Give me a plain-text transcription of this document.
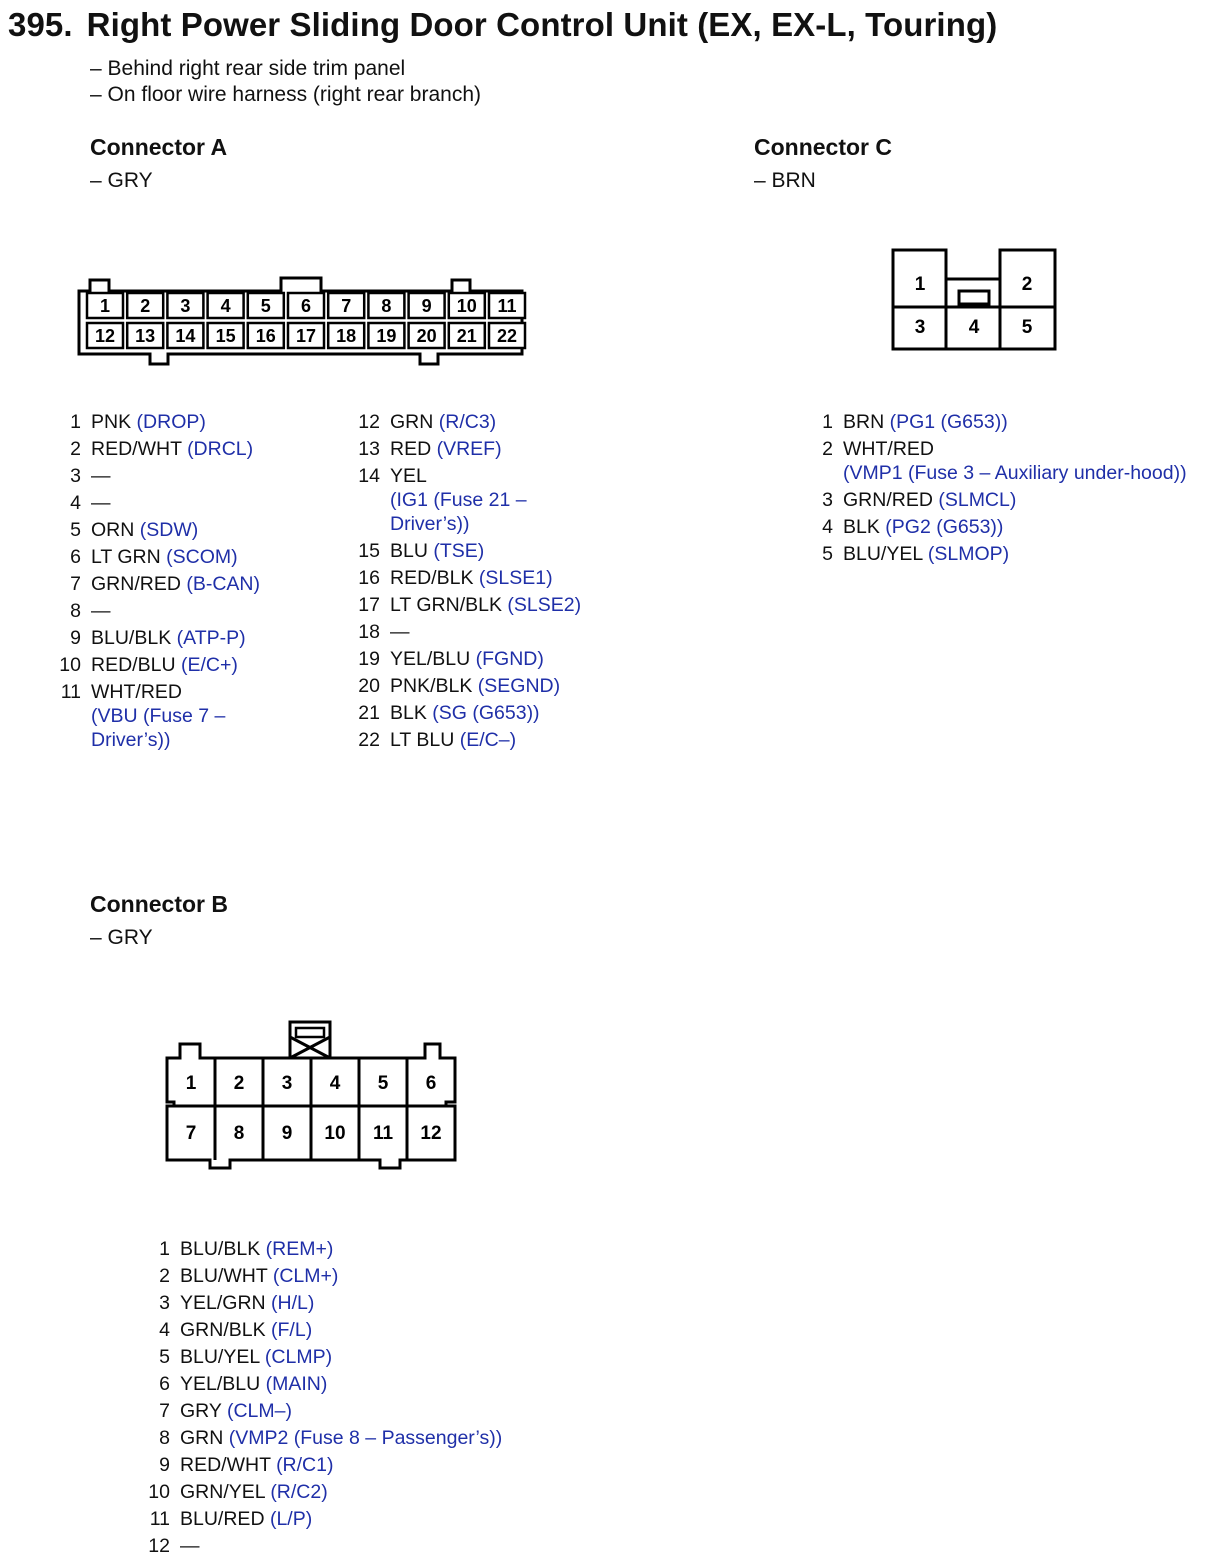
395. Right Power Sliding Door Control Unit (EX, EX-L, Touring)
– Behind right rear side trim panel
– On floor wire harness (right rear branch)
Connector A
– GRY
1 2 3 4 5 6 7 8 9 10 11
12 13 14 15 16 17 18 19 20 21 22
Connector C
– BRN
1	2
3 4 5
1 PNK (DROP)
2 RED/WHT (DRCL)
3 —
4 —
5 ORN (SDW)
6 LT GRN (SCOM)
7 GRN/RED (B-CAN)
8 —
9 BLU/BLK (ATP-P)
10 RED/BLU (E/C+)
11 WHT/RED
(VBU (Fuse 7 –
Driver’s))
12 GRN (R/C3)
13 RED (VREF)
14 YEL
(IG1 (Fuse 21 –
Driver’s))
15 BLU (TSE)
16 RED/BLK (SLSE1)
17 LT GRN/BLK (SLSE2)
18 —
19 YEL/BLU (FGND)
20 PNK/BLK (SEGND)
21 BLK (SG (G653))
22 LT BLU (E/C–)
1 BRN (PG1 (G653))
2 WHT/RED
(VMP1 (Fuse 3 – Auxiliary under-hood))
3 GRN/RED (SLMCL)
4 BLK (PG2 (G653))
5 BLU/YEL (SLMOP)
Connector B
– GRY
1 2 3 4 5 6
7 8 9 10 11 12
1 BLU/BLK (REM+)
2 BLU/WHT (CLM+)
3 YEL/GRN (H/L)
4 GRN/BLK (F/L)
5 BLU/YEL (CLMP)
6 YEL/BLU (MAIN)
7 GRY (CLM–)
8 GRN (VMP2 (Fuse 8 – Passenger’s))
9 RED/WHT (R/C1)
10 GRN/YEL (R/C2)
11 BLU/RED (L/P)
12 —
